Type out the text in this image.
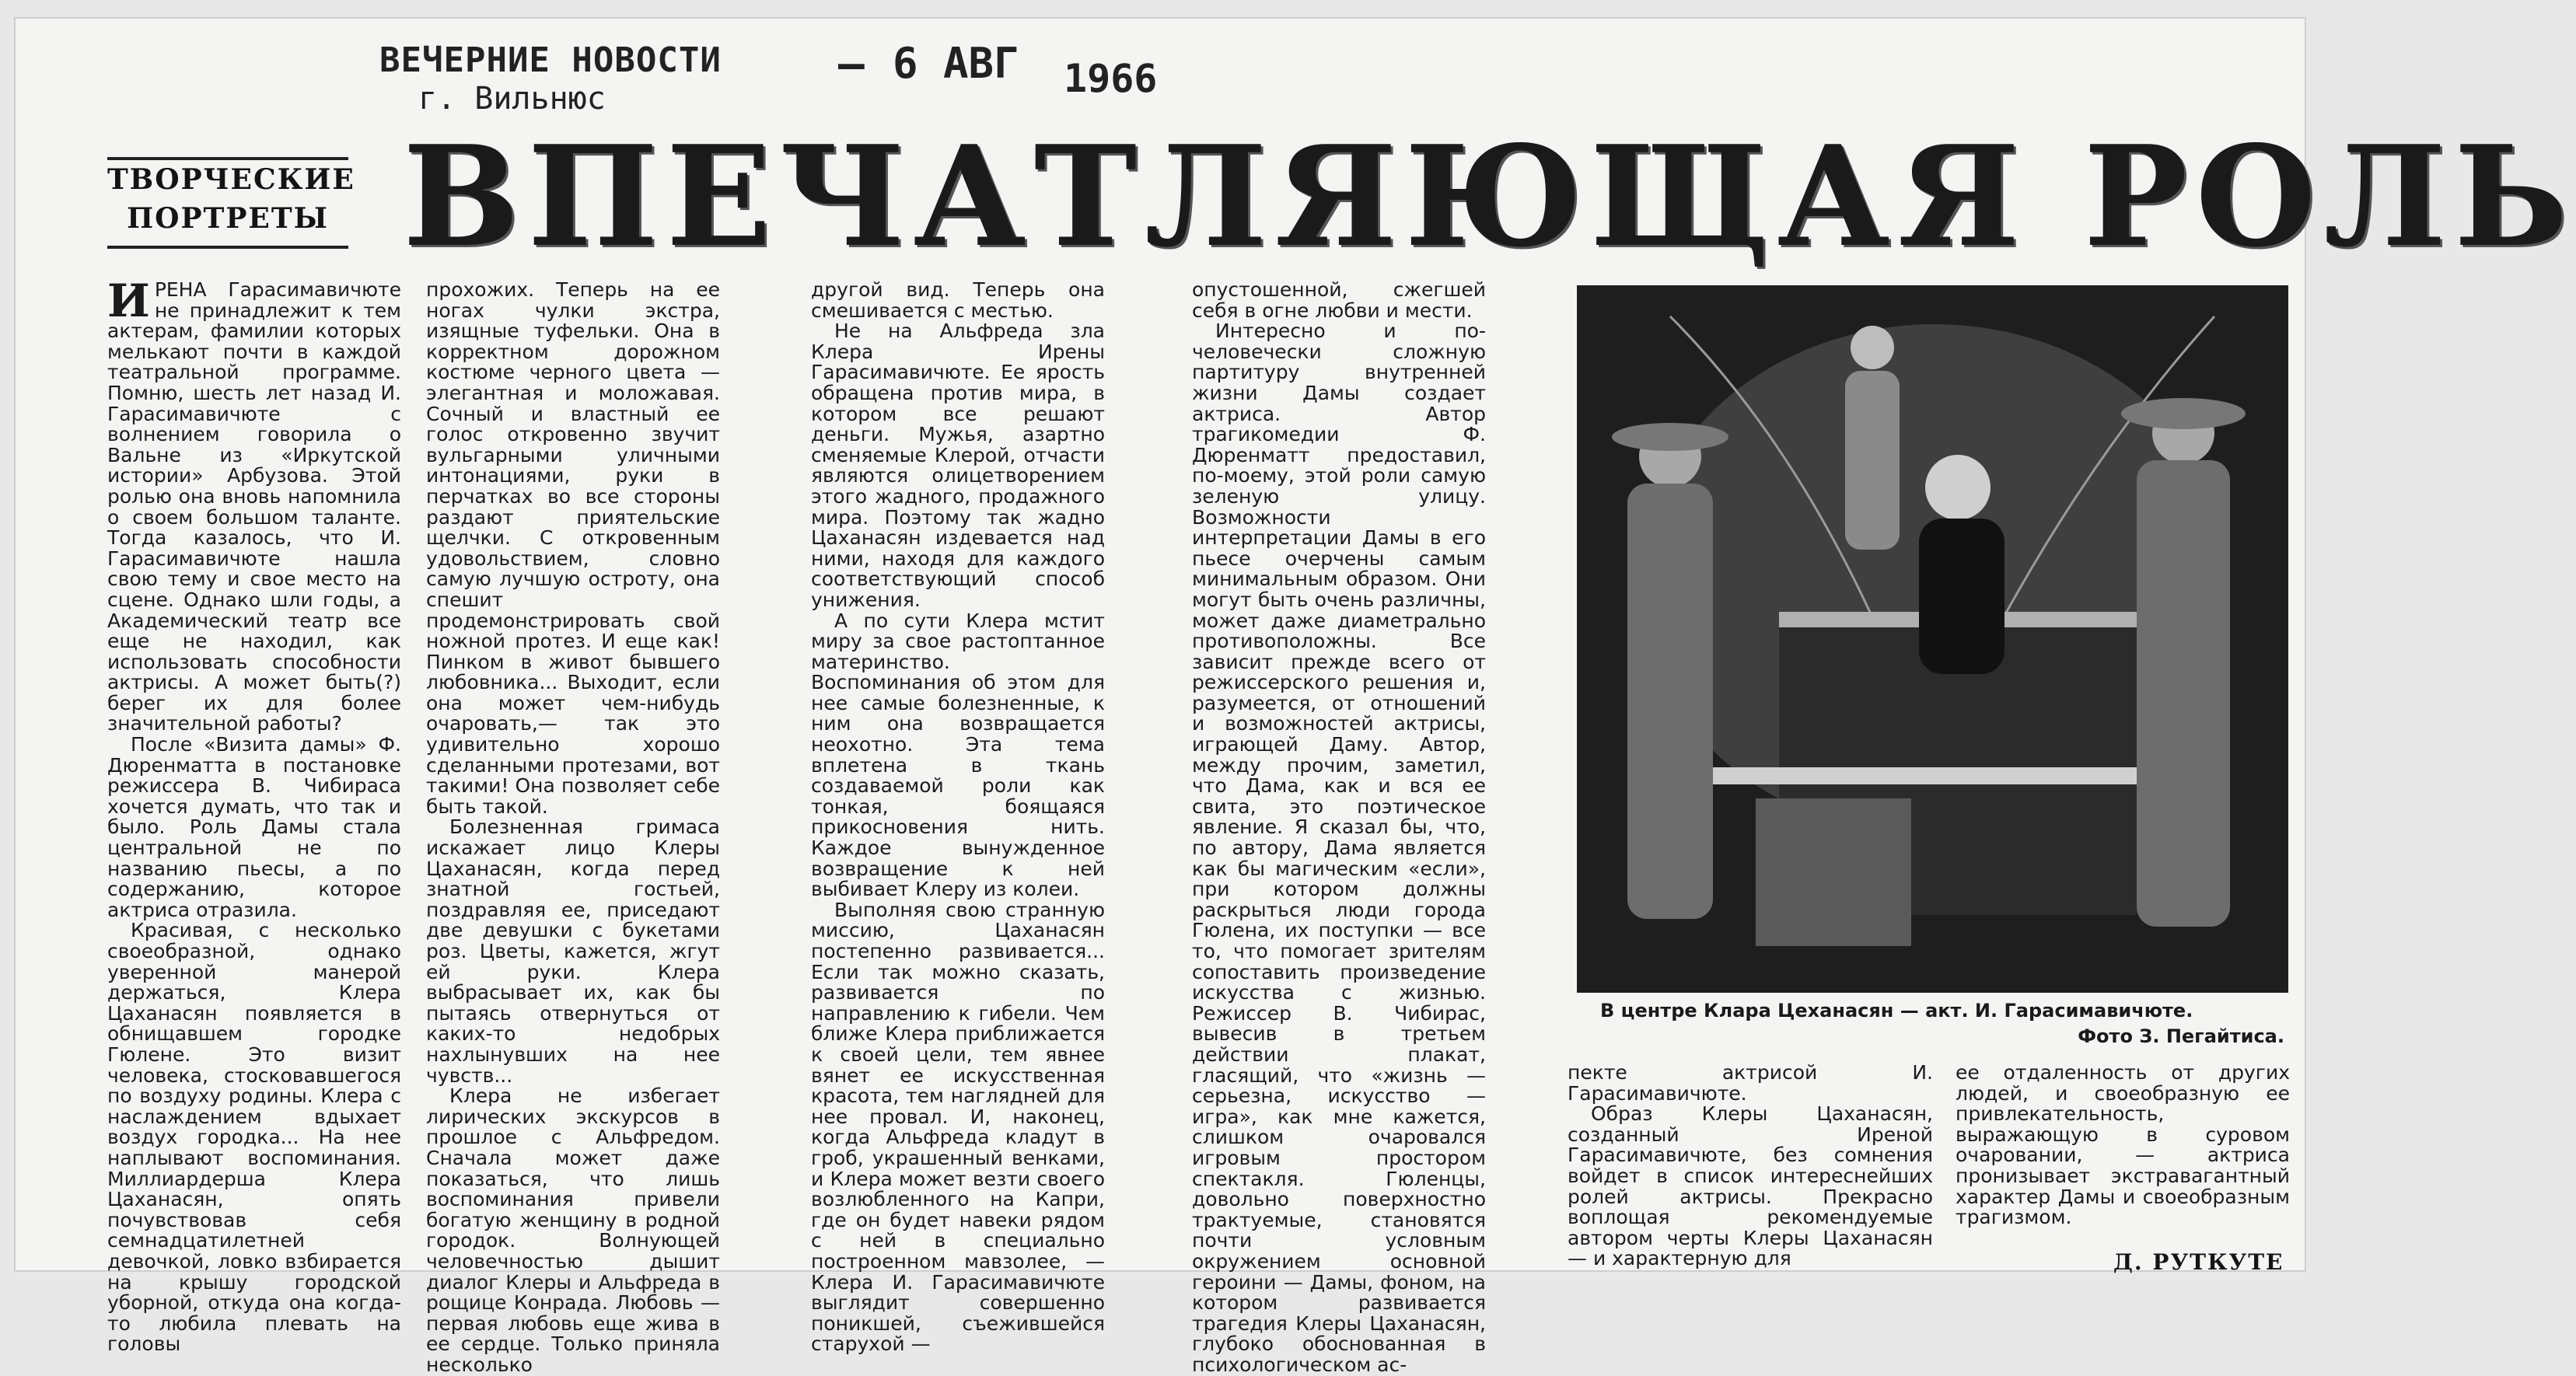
ВЕЧЕРНИЕ НОВОСТИ
г. Вильнюс
– 6 АВГ 1966
ТВОРЧЕСКИЕ
ПОРТРЕТЫ ВПЕЧАТЛЯЮЩАЯ РОЛЬ

ИРЕНА Гарасимавичюте не принадлежит к тем актерам, фамилии которых мелькают почти в каждой театральной программе. Помню, шесть лет назад И. Гарасимавичюте с волнением говорила о Вальне из «Иркутской истории» Арбузова. Этой ролью она вновь напомнила о своем большом таланте. Тогда казалось, что И. Гарасимавичюте нашла свою тему и свое место на сцене. Однако шли годы, а Академический театр все еще не находил, как использовать способности актрисы. А может быть(?) берег их для более значительной работы?

После «Визита дамы» Ф. Дюренматта в постановке режиссера В. Чибираса хочется думать, что так и было. Роль Дамы стала центральной не по названию пьесы, а по содержанию, которое актриса отразила.

Красивая, с несколько своеобразной, однако уверенной манерой держаться, Клера Цаханасян появляется в обнищавшем городке Гюлене. Это визит человека, стосковавшегося по воздуху родины. Клера с наслаждением вдыхает воздух городка... На нее наплывают воспоминания. Миллиардерша Клера Цаханасян, опять почувствовав себя семнадцатилетней девочкой, ловко взбирается на крышу городской уборной, откуда она когда-то любила плевать на головы

прохожих. Теперь на ее ногах чулки экстра, изящные туфельки. Она в корректном дорожном костюме черного цвета — элегантная и моложавая. Сочный и властный ее голос откровенно звучит вульгарными уличными интонациями, руки в перчатках во все стороны раздают приятельские щелчки. С откровенным удовольствием, словно самую лучшую остроту, она спешит продемонстрировать свой ножной протез. И еще как! Пинком в живот бывшего любовника... Выходит, если она может чем-нибудь очаровать,— так это удивительно хорошо сделанными протезами, вот такими! Она позволяет себе быть такой.

Болезненная гримаса искажает лицо Клеры Цаханасян, когда перед знатной гостьей, поздравляя ее, приседают две девушки с букетами роз. Цветы, кажется, жгут ей руки. Клера выбрасывает их, как бы пытаясь отвернуться от каких-то недобрых нахлынувших на нее чувств...

Клера не избегает лирических экскурсов в прошлое с Альфредом. Сначала может даже показаться, что лишь воспоминания привели богатую женщину в родной городок. Волнующей человечностью дышит диалог Клеры и Альфреда в рощице Конрада. Любовь — первая любовь еще жива в ее сердце. Только приняла несколько

другой вид. Теперь она смешивается с местью.

Не на Альфреда зла Клера Ирены Гарасимавичюте. Ее ярость обращена против мира, в котором все решают деньги. Мужья, азартно сменяемые Клерой, отчасти являются олицетворением этого жадного, продажного мира. Поэтому так жадно Цаханасян издевается над ними, находя для каждого соответствующий способ унижения.

А по сути Клера мстит миру за свое растоптанное материнство. Воспоминания об этом для нее самые болезненные, к ним она возвращается неохотно. Эта тема вплетена в ткань создаваемой роли как тонкая, боящаяся прикосновения нить. Каждое вынужденное возвращение к ней выбивает Клеру из колеи.

Выполняя свою странную миссию, Цаханасян постепенно развивается... Если так можно сказать, развивается по направлению к гибели. Чем ближе Клера приближается к своей цели, тем явнее вянет ее искусственная красота, тем наглядней для нее провал. И, наконец, когда Альфреда кладут в гроб, украшенный венками, и Клера может везти своего возлюбленного на Капри, где он будет навеки рядом с ней в специально построенном мавзолее, — Клера И. Гарасимавичюте выглядит совершенно поникшей, съежившейся старухой —

опустошенной, сжегшей себя в огне любви и мести.

Интересно и по-человечески сложную партитуру внутренней жизни Дамы создает актриса. Автор трагикомедии Ф. Дюренматт предоставил, по-моему, этой роли самую зеленую улицу. Возможности интерпретации Дамы в его пьесе очерчены самым минимальным образом. Они могут быть очень различны, может даже диаметрально противоположны. Все зависит прежде всего от режиссерского решения и, разумеется, от отношений и возможностей актрисы, играющей Даму. Автор, между прочим, заметил, что Дама, как и вся ее свита, это поэтическое явление. Я сказал бы, что, по автору, Дама является как бы магическим «если», при котором должны раскрыться люди города Гюлена, их поступки — все то, что помогает зрителям сопоставить произведение искусства с жизнью. Режиссер В. Чибирас, вывесив в третьем действии плакат, гласящий, что «жизнь — серьезна, искусство — игра», как мне кажется, слишком очаровался игровым простором спектакля. Гюленцы, довольно поверхностно трактуемые, становятся почти условным окружением основной героини — Дамы, фоном, на котором развивается трагедия Клеры Цаханасян, глубоко обоснованная в психологическом ас-

В центре Клара Цеханасян — акт. И. Гарасимавичюте.
Фото З. Пегайтиса.

пекте актрисой И. Гарасимавичюте.

Образ Клеры Цаханасян, созданный Иреной Гарасимавичюте, без сомнения войдет в список интереснейших ролей актрисы. Прекрасно воплощая рекомендуемые автором черты Клеры Цаханасян — и характерную для

ее отдаленность от других людей, и своеобразную ее привлекательность, выражающую в суровом очаровании, — актриса пронизывает экстравагантный характер Дамы и своеобразным трагизмом.

Д. РУТКУТЕ
